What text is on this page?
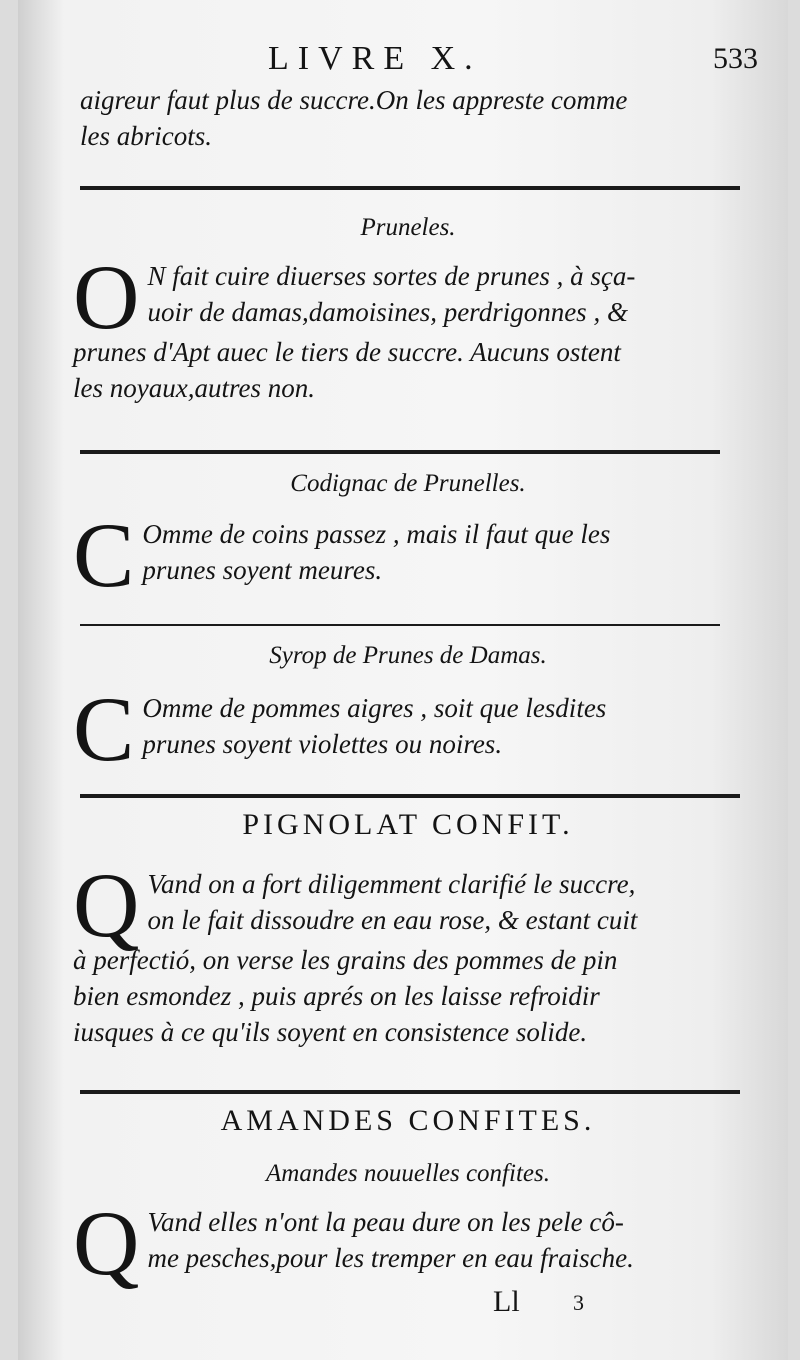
LIVRE X.	533
aigreur faut plus de succre.On les appreste comme
les abricots.
Pruneles.
O N fait cuire diuerses sortes de prunes , à sça-
uoir de damas,damoisines, perdrigonnes , &
prunes d'Apt auec le tiers de succre. Aucuns ostent
les noyaux,autres non.
Codignac de Prunelles.
C Omme de coins passez , mais il faut que les
prunes soyent meures.
Syrop de Prunes de Damas.
C Omme de pommes aigres , soit que lesdites
prunes soyent violettes ou noires.
PIGNOLAT CONFIT.
Q Vand on a fort diligemment clarifié le succre,
on le fait dissoudre en eau rose, & estant cuit
à perfectió, on verse les grains des pommes de pin
bien esmondez , puis aprés on les laisse refroidir
iusques à ce qu'ils soyent en consistence solide.
AMANDES CONFITES.
Amandes nouuelles confites.
Q Vand elles n'ont la peau dure on les pele cô-
me pesches,pour les tremper en eau fraische.
Ll 3
